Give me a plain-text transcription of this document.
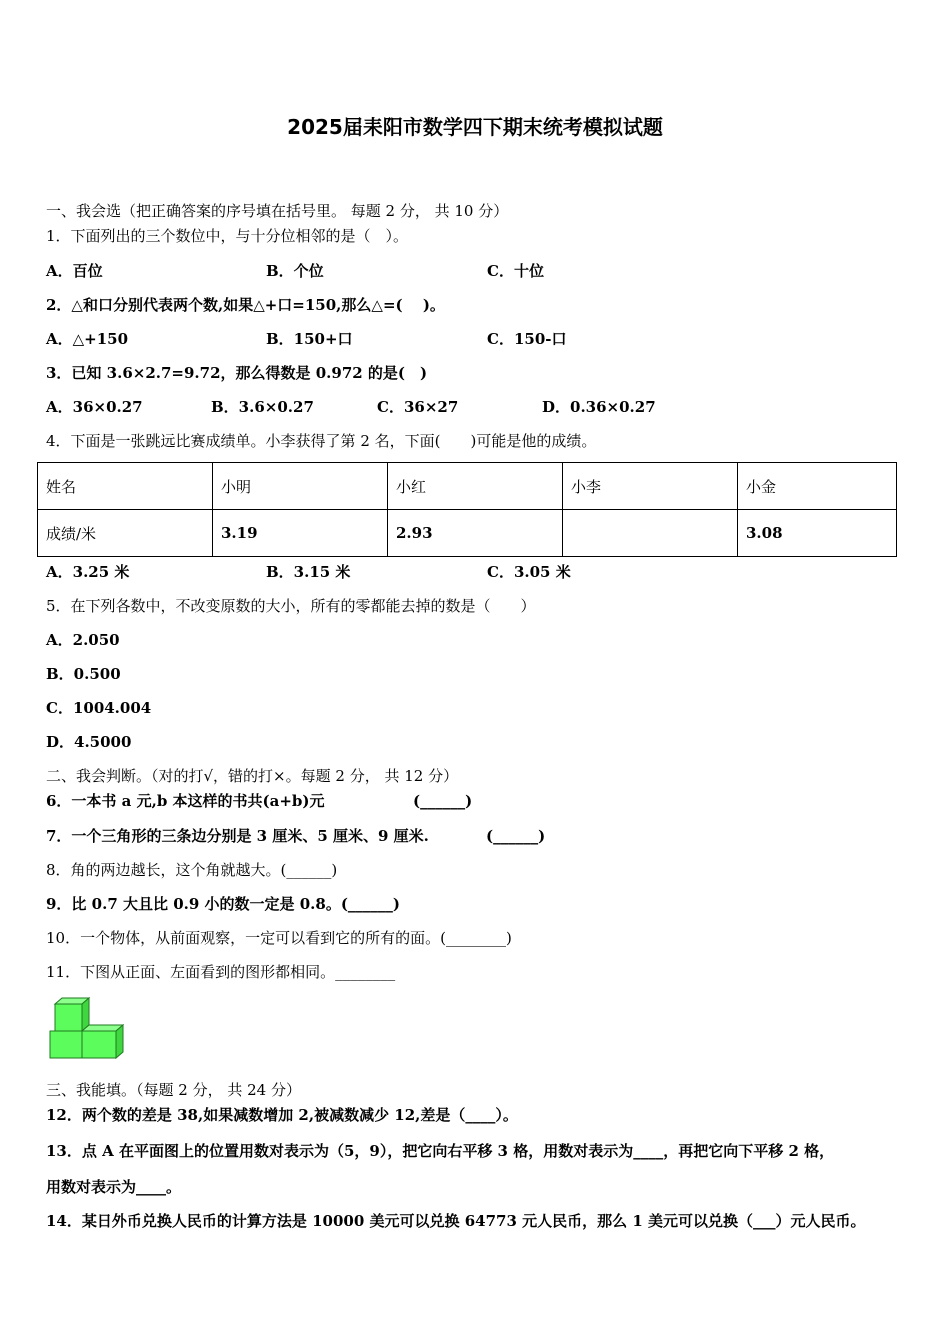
2025届耒阳市数学四下期末统考模拟试题
一、我会选（把正确答案的序号填在括号里。 每题 2 分， 共 10 分）
1．下面列出的三个数位中，与十分位相邻的是（　）。
A．百位	B．个位	C．十位
2．△和口分别代表两个数,如果△+口=150,那么△=(　 )。
A．△+150	B．150+口	C．150-口
3．已知 3.6×2.7=9.72，那么得数是 0.972 的是(　)
A．36×0.27	B．3.6×0.27	C．36×27	D．0.36×0.27
4．下面是一张跳远比赛成绩单。小李获得了第 2 名，下面(　　)可能是他的成绩。
姓名	小明	小红	小李	小金
成绩/米	3.19	2.93		3.08
A．3.25 米	B．3.15 米	C．3.05 米
5．在下列各数中，不改变原数的大小，所有的零都能去掉的数是（　　）
A．2.050
B．0.500
C．1004.004
D．4.5000
二、我会判断。（对的打√，错的打×。每题 2 分， 共 12 分）
6．一本书 a 元,b 本这样的书共(a+b)元	(______)
7．一个三角形的三条边分别是 3 厘米、5 厘米、9 厘米.	(______)
8．角的两边越长，这个角就越大。(______)
9．比 0.7 大且比 0.9 小的数一定是 0.8。(______)
10．一个物体，从前面观察，一定可以看到它的所有的面。(________)
11．下图从正面、左面看到的图形都相同。________
三、我能填。（每题 2 分， 共 24 分）
12．两个数的差是 38,如果减数增加 2,被减数减少 12,差是（____）。
13．点 A 在平面图上的位置用数对表示为（5，9），把它向右平移 3 格，用数对表示为____，再把它向下平移 2 格，
用数对表示为____。
14．某日外币兑换人民币的计算方法是 10000 美元可以兑换 64773 元人民币，那么 1 美元可以兑换（___）元人民币。
